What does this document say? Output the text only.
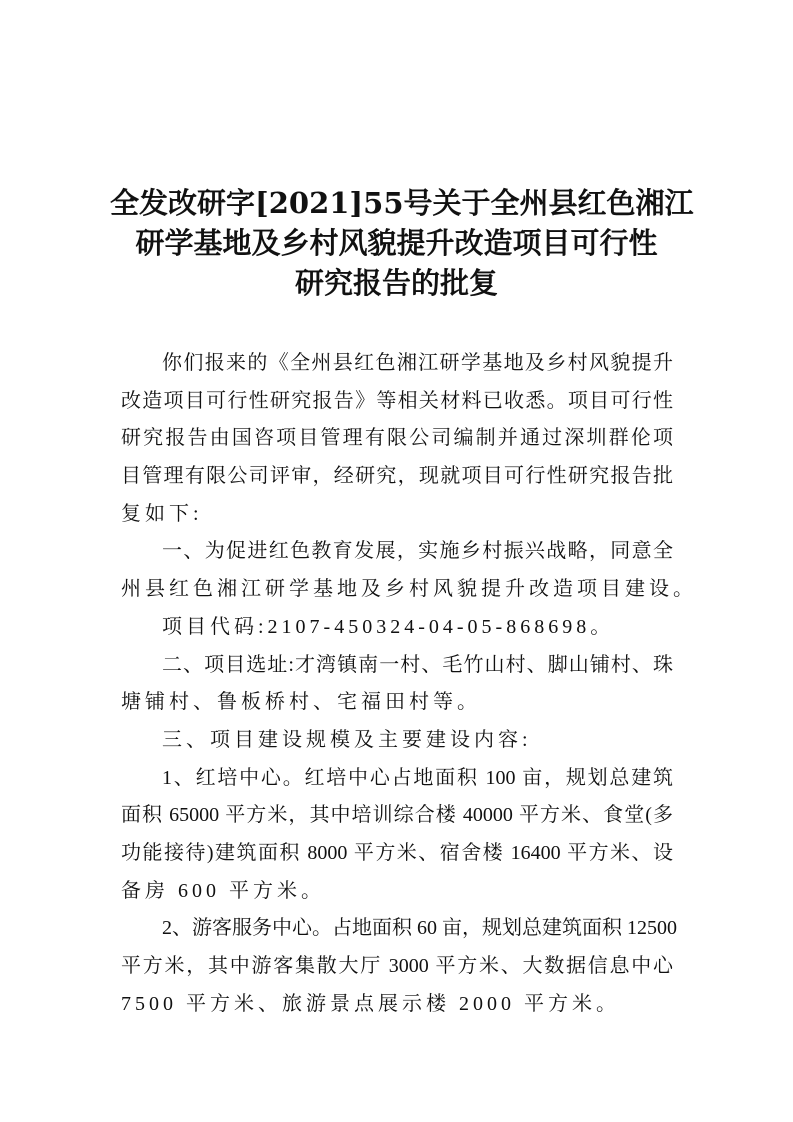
全发改研字[2021]55号关于全州县红色湘江
研学基地及乡村风貌提升改造项目可行性
研究报告的批复
你们报来的《全州县红色湘江研学基地及乡村风貌提升
改造项目可行性研究报告》等相关材料已收悉。项目可行性
研究报告由国咨项目管理有限公司编制并通过深圳群伦项
目管理有限公司评审，经研究，现就项目可行性研究报告批
复如下:
一、为促进红色教育发展，实施乡村振兴战略，同意全
州县红色湘江研学基地及乡村风貌提升改造项目建设。
项目代码:2107-450324-04-05-868698。
二、项目选址:才湾镇南一村、毛竹山村、脚山铺村、珠
塘铺村、鲁板桥村、宅福田村等。
三、项目建设规模及主要建设内容:
1、红培中心。红培中心占地面积 100 亩，规划总建筑
面积 65000 平方米，其中培训综合楼 40000 平方米、食堂(多
功能接待)建筑面积 8000 平方米、宿舍楼 16400 平方米、设
备房 600 平方米。
2、游客服务中心。占地面积 60 亩，规划总建筑面积 12500
平方米，其中游客集散大厅 3000 平方米、大数据信息中心
7500 平方米、旅游景点展示楼 2000 平方米。
